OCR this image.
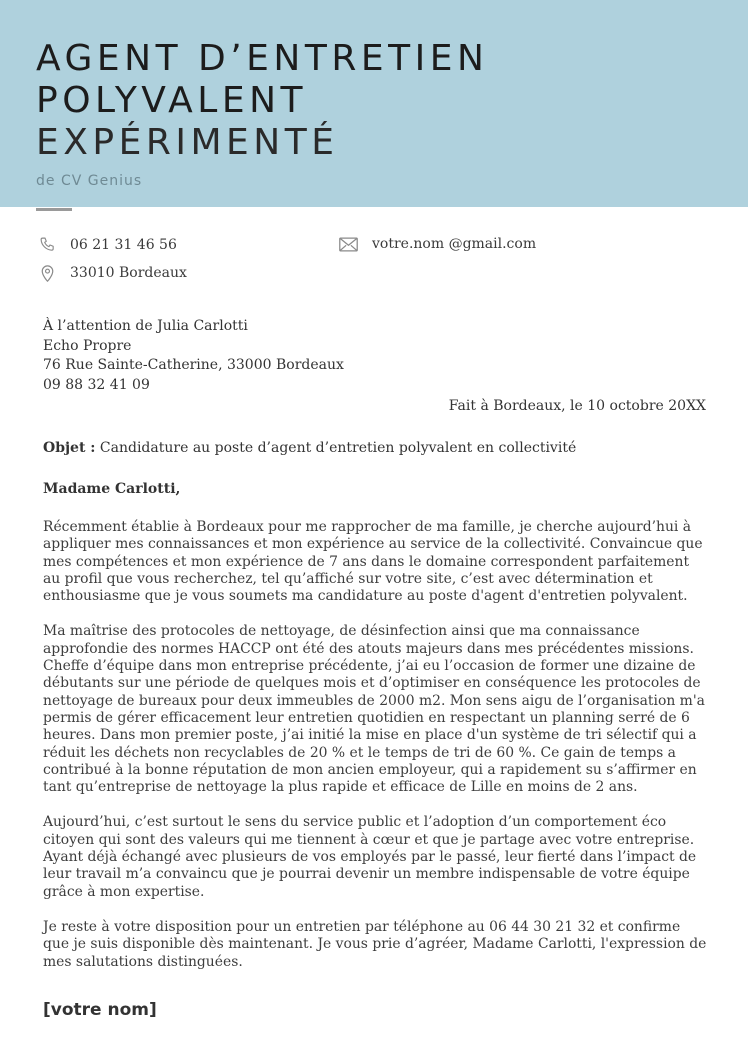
AGENT D’ENTRETIEN
POLYVALENT
EXPÉRIMENTÉ
de CV Genius
06 21 31 46 56	votre.nom @gmail.com
33010 Bordeaux
À l’attention de Julia Carlotti
Echo Propre
76 Rue Sainte-Catherine, 33000 Bordeaux
09 88 32 41 09
Fait à Bordeaux, le 10 octobre 20XX
Objet : Candidature au poste d’agent d’entretien polyvalent en collectivité
Madame Carlotti,

Récemment établie à Bordeaux pour me rapprocher de ma famille, je cherche aujourd’hui à appliquer mes connaissances et mon expérience au service de la collectivité. Convaincue que mes compétences et mon expérience de 7 ans dans le domaine correspondent parfaitement au profil que vous recherchez, tel qu’affiché sur votre site, c’est avec détermination et enthousiasme que je vous soumets ma candidature au poste d'agent d'entretien polyvalent.

Ma maîtrise des protocoles de nettoyage, de désinfection ainsi que ma connaissance approfondie des normes HACCP ont été des atouts majeurs dans mes précédentes missions. Cheffe d’équipe dans mon entreprise précédente, j’ai eu l’occasion de former une dizaine de débutants sur une période de quelques mois et d’optimiser en conséquence les protocoles de nettoyage de bureaux pour deux immeubles de 2000 m2. Mon sens aigu de l’organisation m'a permis de gérer efficacement leur entretien quotidien en respectant un planning serré de 6 heures. Dans mon premier poste, j’ai initié la mise en place d'un système de tri sélectif qui a réduit les déchets non recyclables de 20 % et le temps de tri de 60 %. Ce gain de temps a contribué à la bonne réputation de mon ancien employeur, qui a rapidement su s’affirmer en tant qu’entreprise de nettoyage la plus rapide et efficace de Lille en moins de 2 ans.

Aujourd’hui, c’est surtout le sens du service public et l’adoption d’un comportement éco citoyen qui sont des valeurs qui me tiennent à cœur et que je partage avec votre entreprise. Ayant déjà échangé avec plusieurs de vos employés par le passé, leur fierté dans l’impact de leur travail m’a convaincu que je pourrai devenir un membre indispensable de votre équipe grâce à mon expertise.

Je reste à votre disposition pour un entretien par téléphone au 06 44 30 21 32 et confirme que je suis disponible dès maintenant. Je vous prie d’agréer, Madame Carlotti, l'expression de mes salutations distinguées.

[votre nom]
